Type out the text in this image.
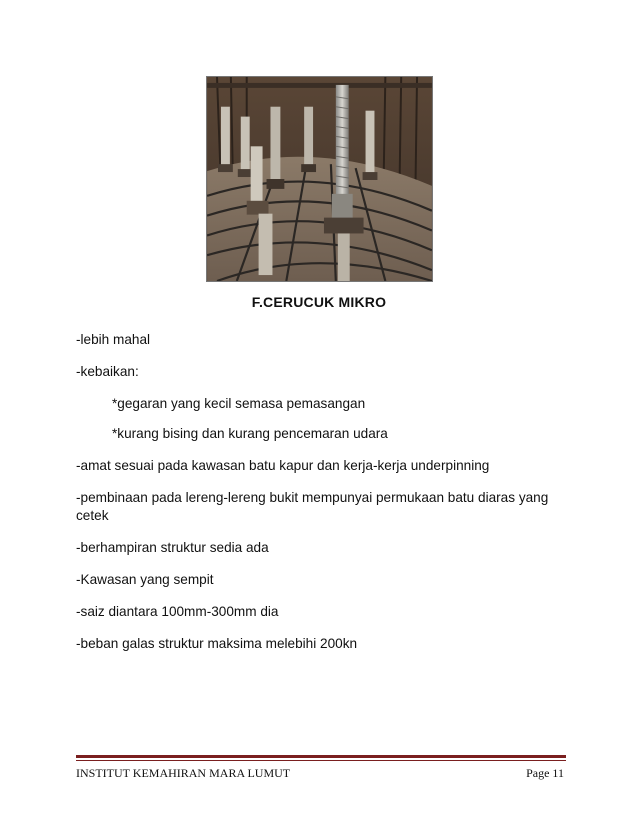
F.CERUCUK MIKRO
-lebih mahal
-kebaikan:
*gegaran yang kecil semasa pemasangan
*kurang bising dan kurang pencemaran udara
-amat sesuai pada kawasan batu kapur dan kerja-kerja underpinning
-pembinaan pada lereng-lereng bukit mempunyai permukaan batu diaras yang cetek
-berhampiran struktur sedia ada
-Kawasan yang sempit
-saiz diantara 100mm-300mm dia
-beban galas struktur maksima melebihi 200kn
INSTITUT KEMAHIRAN MARA LUMUT	Page 11
